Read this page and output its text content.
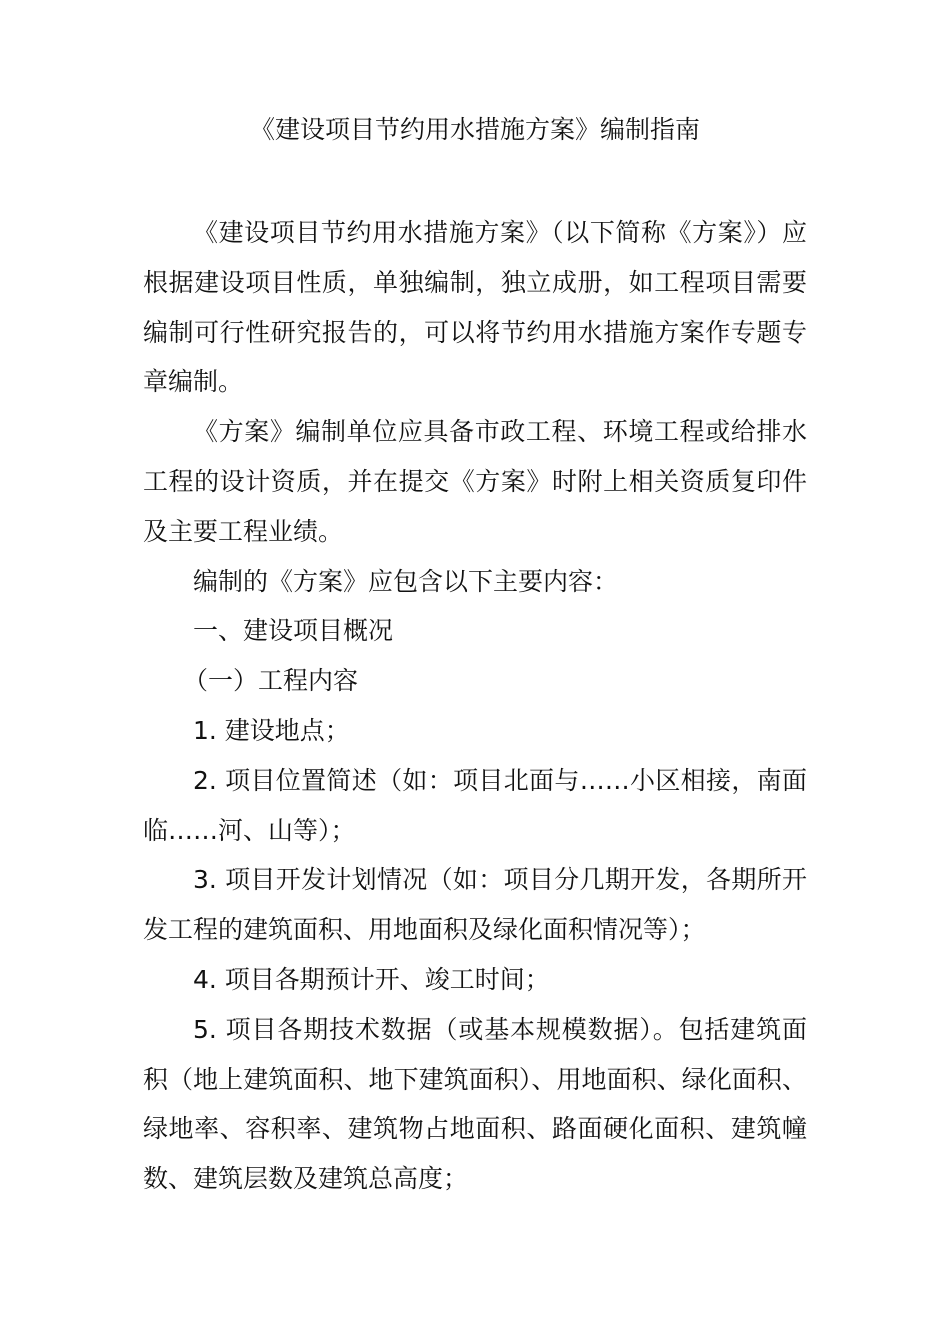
《建设项目节约用水措施方案》编制指南

《建设项目节约用水措施方案》（以下简称《方案》）应根据建设项目性质，单独编制，独立成册，如工程项目需要编制可行性研究报告的，可以将节约用水措施方案作专题专章编制。

《方案》编制单位应具备市政工程、环境工程或给排水工程的设计资质，并在提交《方案》时附上相关资质复印件及主要工程业绩。

编制的《方案》应包含以下主要内容：

一、建设项目概况

（一）工程内容

1. 建设地点；

2. 项目位置简述（如：项目北面与……小区相接，南面临……河、山等）；

3. 项目开发计划情况（如：项目分几期开发，各期所开发工程的建筑面积、用地面积及绿化面积情况等）；

4. 项目各期预计开、竣工时间；

5. 项目各期技术数据（或基本规模数据）。包括建筑面积（地上建筑面积、地下建筑面积）、用地面积、绿化面积、绿地率、容积率、建筑物占地面积、路面硬化面积、建筑幢数、建筑层数及建筑总高度；
